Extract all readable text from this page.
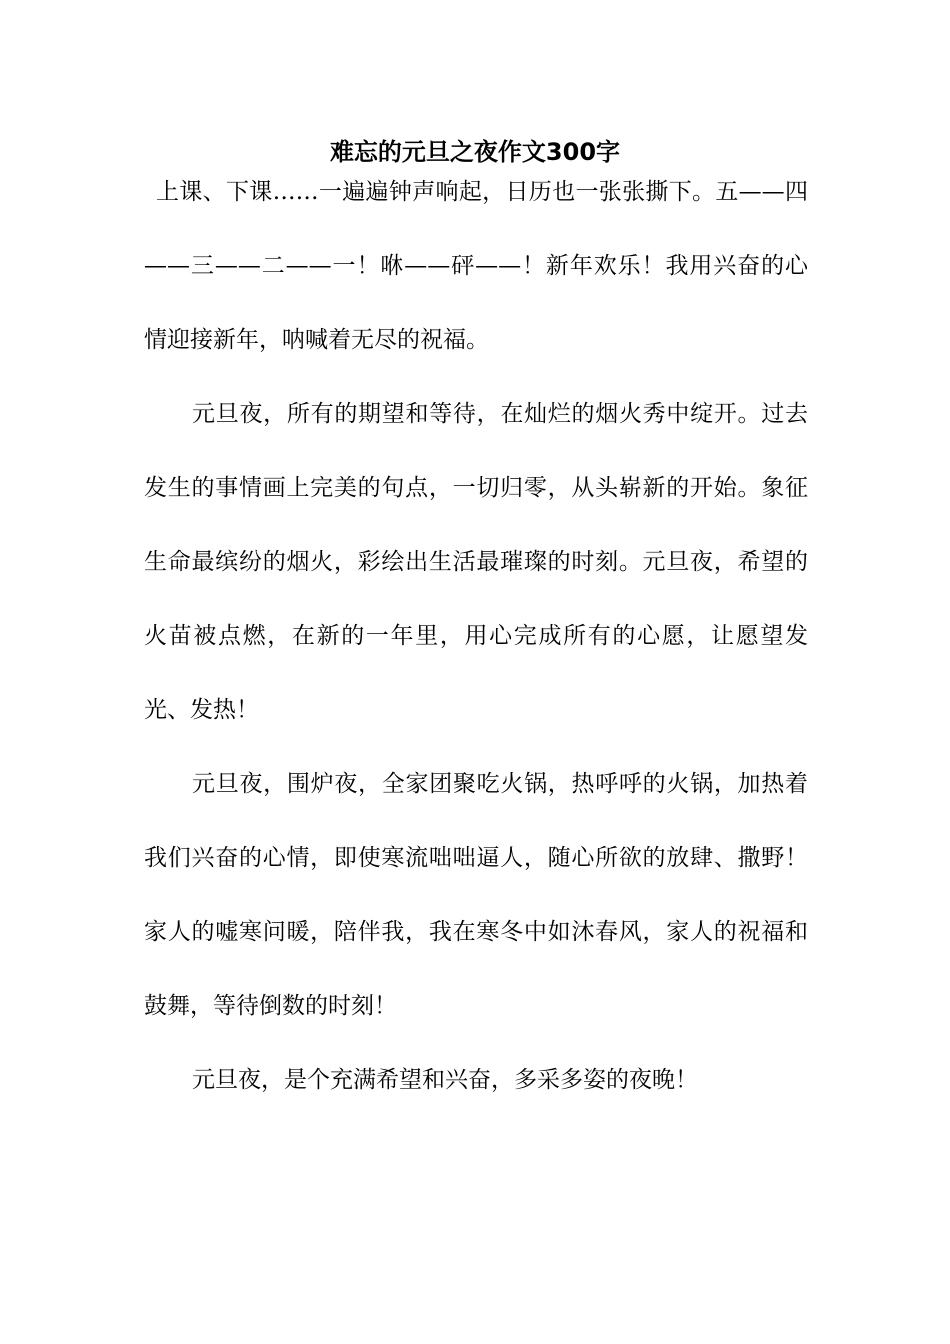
难忘的元旦之夜作文300字

上课、下课……一遍遍钟声响起，日历也一张张撕下。五——四——三——二——一！咻——砰——！新年欢乐！我用兴奋的心情迎接新年，呐喊着无尽的祝福。

元旦夜，所有的期望和等待，在灿烂的烟火秀中绽开。过去发生的事情画上完美的句点，一切归零，从头崭新的开始。象征生命最缤纷的烟火，彩绘出生活最璀璨的时刻。元旦夜，希望的火苗被点燃，在新的一年里，用心完成所有的心愿，让愿望发光、发热！

元旦夜，围炉夜，全家团聚吃火锅，热呼呼的火锅，加热着我们兴奋的心情，即使寒流咄咄逼人，随心所欲的放肆、撒野！家人的嘘寒问暖，陪伴我，我在寒冬中如沐春风，家人的祝福和鼓舞，等待倒数的时刻！

元旦夜，是个充满希望和兴奋，多采多姿的夜晚！
